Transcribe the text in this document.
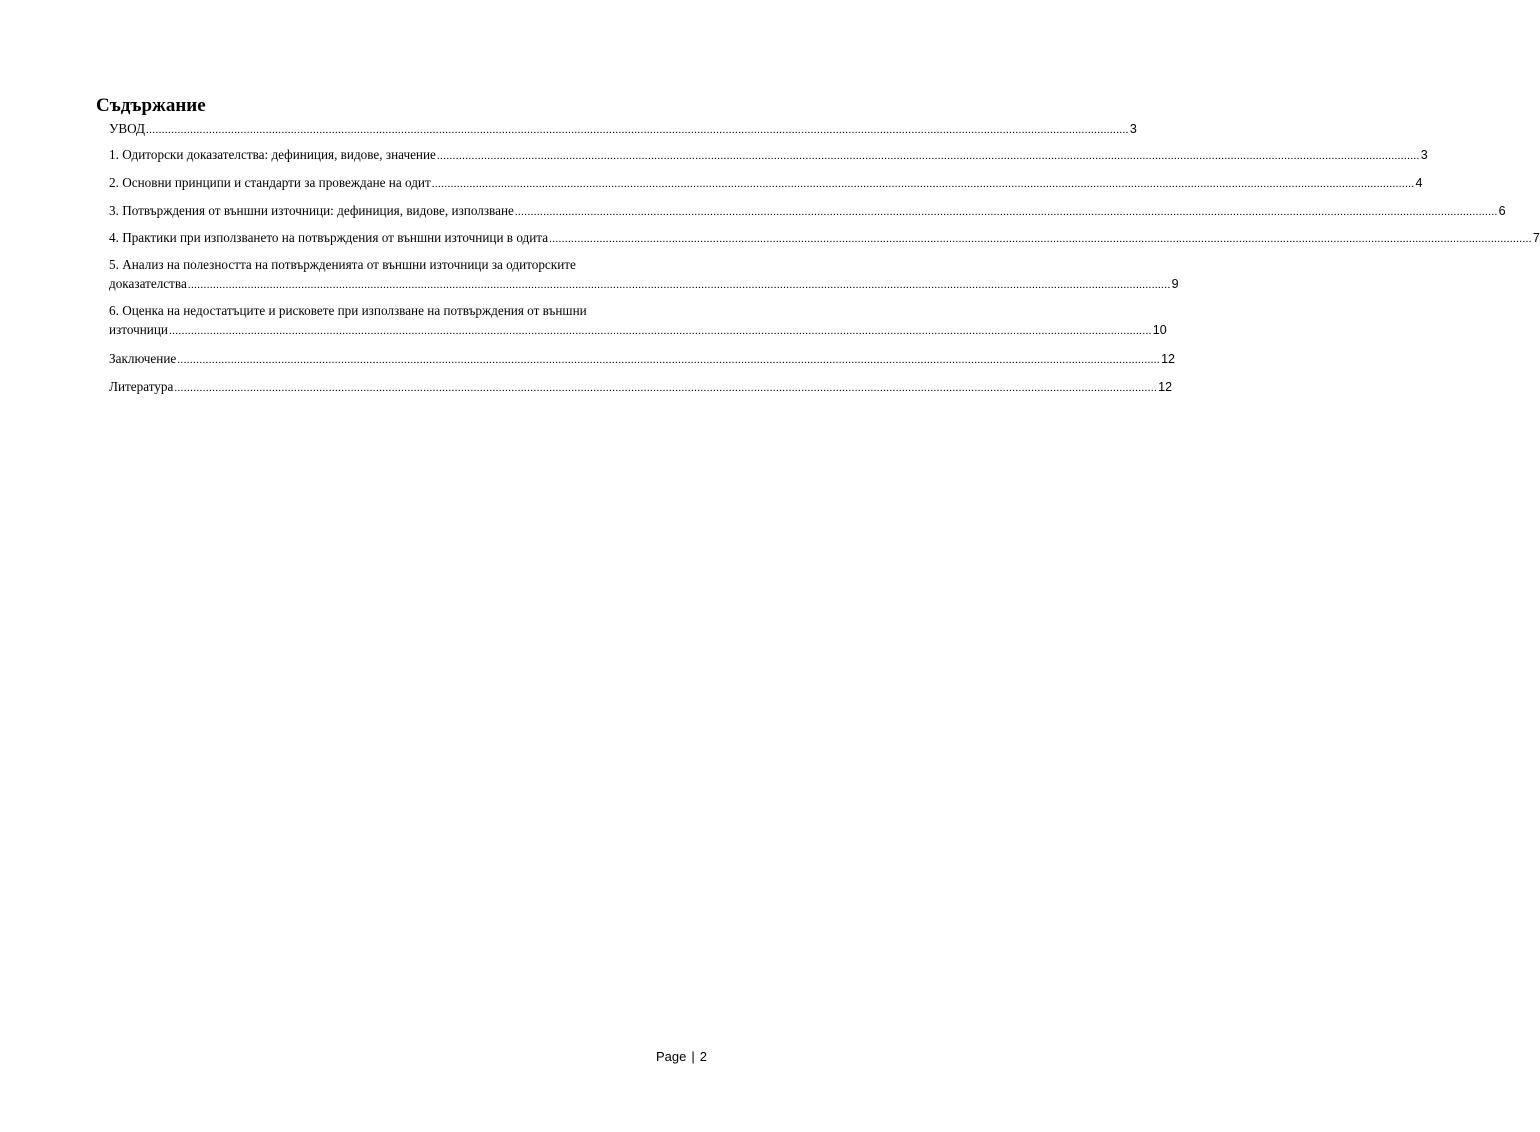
Съдържание
УВОД ........................................................................................................................................................................................................................................................................................................................ 3
1. Одиторски доказателства: дефиниция, видове, значение ........................................................................................................................................................................................................................................................................................................................ 3
2. Основни принципи и стандарти за провеждане на одит ........................................................................................................................................................................................................................................................................................................................ 4
3. Потвърждения от външни източници: дефиниция, видове, използване ........................................................................................................................................................................................................................................................................................................................ 6
4. Практики при използването на потвърждения от външни източници в одита ........................................................................................................................................................................................................................................................................................................................ 7
5. Анализ на полезността на потвържденията от външни източници за одиторските
доказателства ........................................................................................................................................................................................................................................................................................................................ 9
6. Оценка на недостатъците и рисковете при използване на потвърждения от външни
източници ........................................................................................................................................................................................................................................................................................................................ 10
Заключение ........................................................................................................................................................................................................................................................................................................................ 12
Литература ........................................................................................................................................................................................................................................................................................................................ 12
Page | 2
